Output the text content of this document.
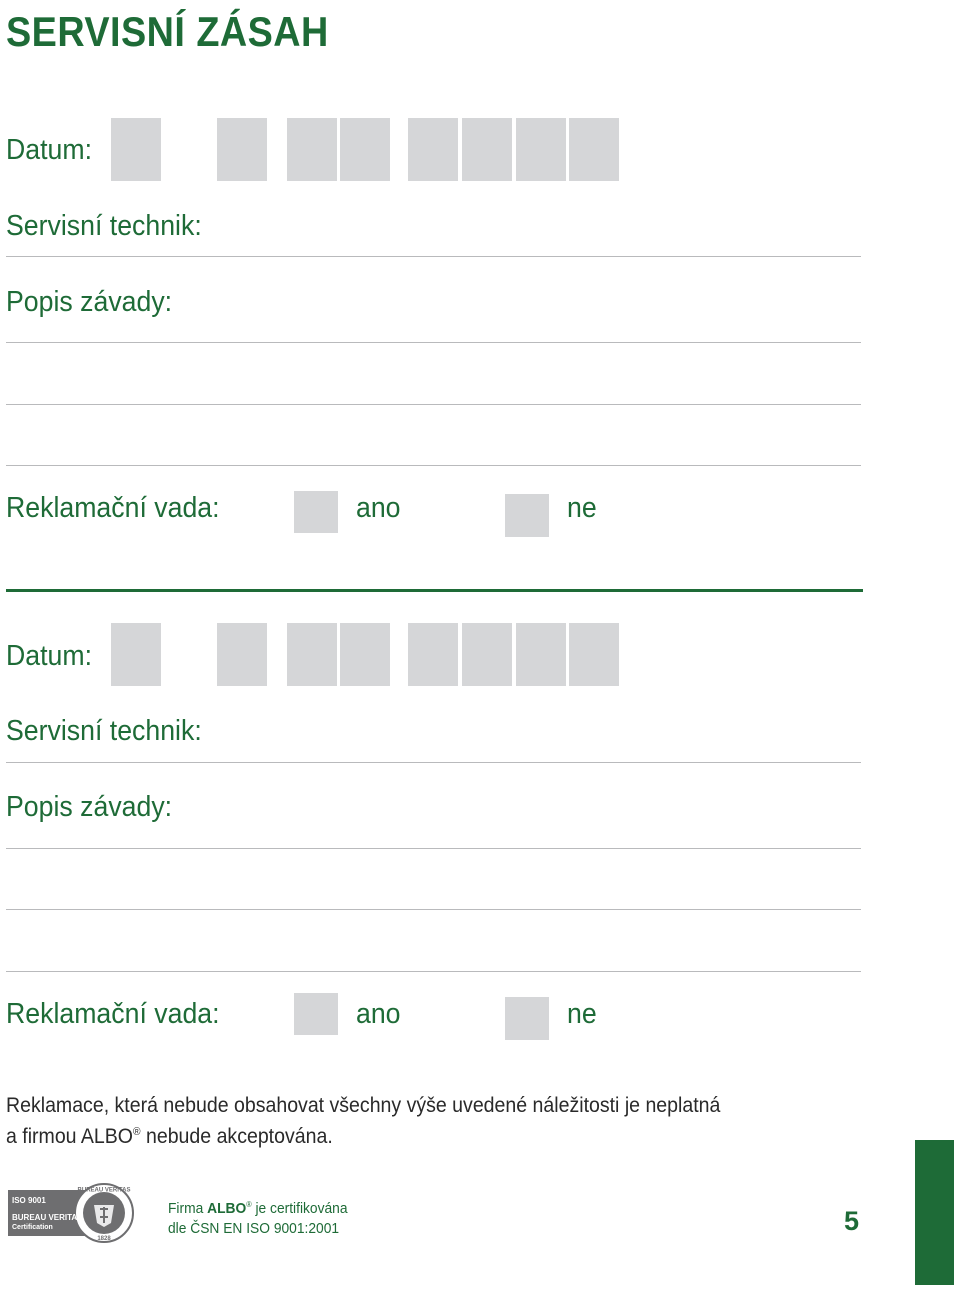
SERVISNÍ ZÁSAH
Datum:
Servisní technik:
Popis závady:
Reklamační vada:	ano	ne
Datum:
Servisní technik:
Popis závady:
Reklamační vada:	ano	ne
Reklamace, která nebude obsahovat všechny výše uvedené náležitosti je neplatná
a firmou ALBO® nebude akceptována.
ISO 9001
BUREAU VERITAS
Certification
BUREAU VERITAS
1828
Firma ALBO® je certifikována
dle ČSN EN ISO 9001:2001	5
